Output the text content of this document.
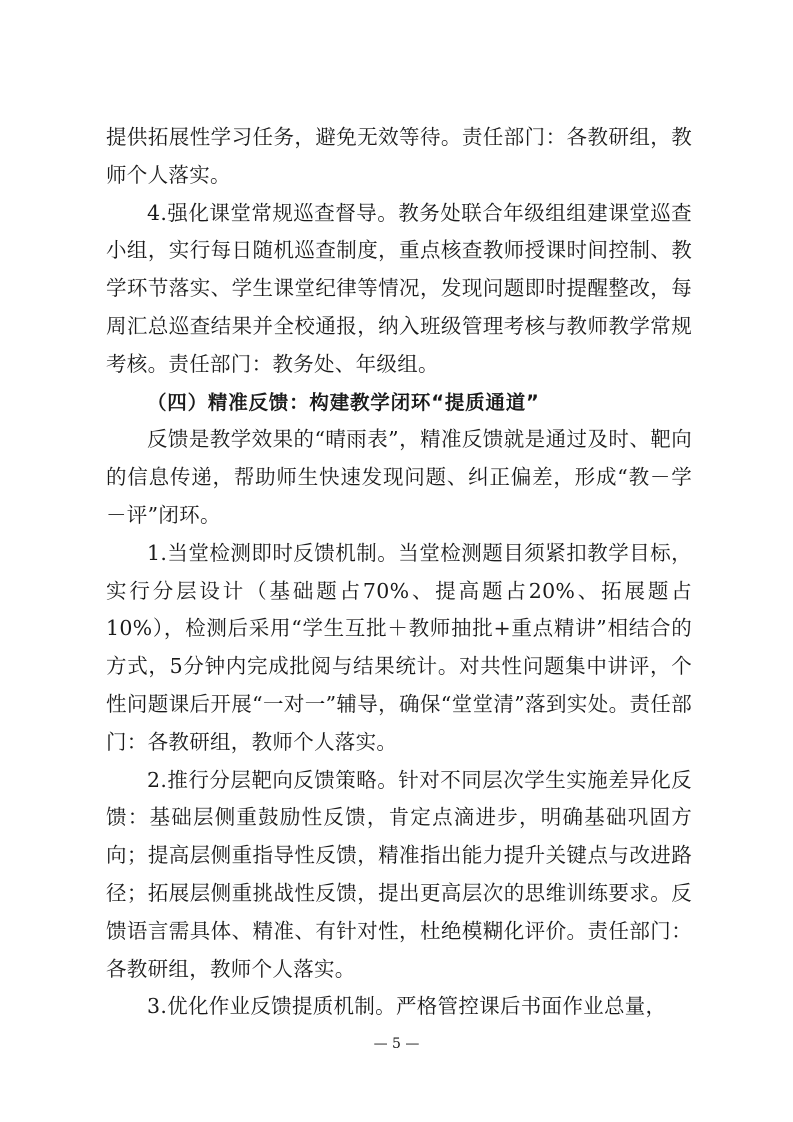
提供拓展性学习任务，避免无效等待。责任部门：各教研组，教师个人落实。

4.强化课堂常规巡查督导。教务处联合年级组组建课堂巡查小组，实行每日随机巡查制度，重点核查教师授课时间控制、教学环节落实、学生课堂纪律等情况，发现问题即时提醒整改，每周汇总巡查结果并全校通报，纳入班级管理考核与教师教学常规考核。责任部门：教务处、年级组。

（四）精准反馈：构建教学闭环“提质通道”

反馈是教学效果的“晴雨表”，精准反馈就是通过及时、靶向的信息传递，帮助师生快速发现问题、纠正偏差，形成“教－学－评”闭环。

1.当堂检测即时反馈机制。当堂检测题目须紧扣教学目标，实行分层设计（基础题占70%、提高题占20%、拓展题占10%），检测后采用“学生互批＋教师抽批+重点精讲”相结合的方式，5分钟内完成批阅与结果统计。对共性问题集中讲评，个性问题课后开展“一对一”辅导，确保“堂堂清”落到实处。责任部门：各教研组，教师个人落实。

2.推行分层靶向反馈策略。针对不同层次学生实施差异化反馈：基础层侧重鼓励性反馈，肯定点滴进步，明确基础巩固方向；提高层侧重指导性反馈，精准指出能力提升关键点与改进路径；拓展层侧重挑战性反馈，提出更高层次的思维训练要求。反馈语言需具体、精准、有针对性，杜绝模糊化评价。责任部门：各教研组，教师个人落实。

3.优化作业反馈提质机制。严格管控课后书面作业总量，

— 5 —
